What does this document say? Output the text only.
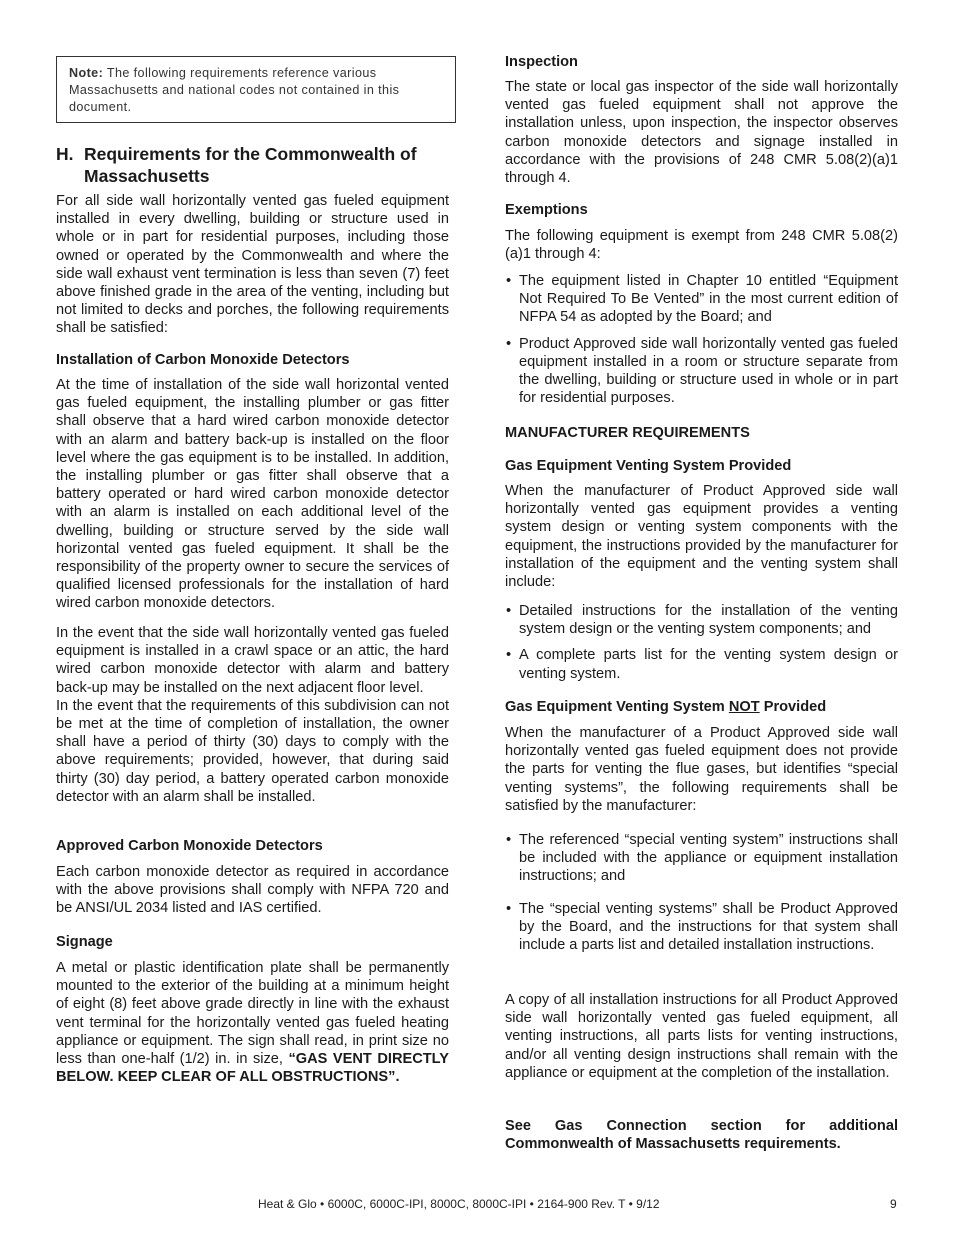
Note: The following requirements reference various Massachusetts and national codes not contained in this document.
H. Requirements for the Commonwealth of Massachusetts

For all side wall horizontally vented gas fueled equipment installed in every dwelling, building or structure used in whole or in part for residential purposes, including those owned or operated by the Commonwealth and where the side wall exhaust vent termination is less than seven (7) feet above finished grade in the area of the venting, including but not limited to decks and porches, the following requirements shall be satisfied:

Installation of Carbon Monoxide Detectors

At the time of installation of the side wall horizontal vented gas fueled equipment, the installing plumber or gas fitter shall observe that a hard wired carbon monoxide detector with an alarm and battery back-up is installed on the floor level where the gas equipment is to be installed. In addition, the installing plumber or gas fitter shall observe that a battery operated or hard wired carbon monoxide detector with an alarm is installed on each additional level of the dwelling, building or structure served by the side wall horizontal vented gas fueled equipment. It shall be the responsibility of the property owner to secure the services of qualified licensed professionals for the installation of hard wired carbon monoxide detectors.

In the event that the side wall horizontally vented gas fueled equipment is installed in a crawl space or an attic, the hard wired carbon monoxide detector with alarm and battery back-up may be installed on the next adjacent floor level.

In the event that the requirements of this subdivision can not be met at the time of completion of installation, the owner shall have a period of thirty (30) days to comply with the above requirements; provided, however, that during said thirty (30) day period, a battery operated carbon monoxide detector with an alarm shall be installed.

Approved Carbon Monoxide Detectors

Each carbon monoxide detector as required in accordance with the above provisions shall comply with NFPA 720 and be ANSI/UL 2034 listed and IAS certified.

Signage

A metal or plastic identification plate shall be permanently mounted to the exterior of the building at a minimum height of eight (8) feet above grade directly in line with the exhaust vent terminal for the horizontally vented gas fueled heating appliance or equipment. The sign shall read, in print size no less than one-half (1/2) in. in size, “GAS VENT DIRECTLY BELOW. KEEP CLEAR OF ALL OBSTRUCTIONS”.

Inspection

The state or local gas inspector of the side wall horizontally vented gas fueled equipment shall not approve the installation unless, upon inspection, the inspector observes carbon monoxide detectors and signage installed in accordance with the provisions of 248 CMR 5.08(2)(a)1 through 4.

Exemptions

The following equipment is exempt from 248 CMR 5.08(2)(a)1 through 4:

• The equipment listed in Chapter 10 entitled “Equipment Not Required To Be Vented” in the most current edition of NFPA 54 as adopted by the Board; and
• Product Approved side wall horizontally vented gas fueled equipment installed in a room or structure separate from the dwelling, building or structure used in whole or in part for residential purposes.
MANUFACTURER REQUIREMENTS
Gas Equipment Venting System Provided

When the manufacturer of Product Approved side wall horizontally vented gas equipment provides a venting system design or venting system components with the equipment, the instructions provided by the manufacturer for installation of the equipment and the venting system shall include:

• Detailed instructions for the installation of the venting system design or the venting system components; and
• A complete parts list for the venting system design or venting system.
Gas Equipment Venting System NOT Provided

When the manufacturer of a Product Approved side wall horizontally vented gas fueled equipment does not provide the parts for venting the flue gases, but identifies “special venting systems”, the following requirements shall be satisfied by the manufacturer:

• The referenced “special venting system” instructions shall be included with the appliance or equipment installation instructions; and
• The “special venting systems” shall be Product Approved by the Board, and the instructions for that system shall include a parts list and detailed installation instructions.

A copy of all installation instructions for all Product Approved side wall horizontally vented gas fueled equipment, all venting instructions, all parts lists for venting instructions, and/or all venting design instructions shall remain with the appliance or equipment at the completion of the installation.

See Gas Connection section for additional Commonwealth of Massachusetts requirements.

Heat & Glo • 6000C, 6000C-IPI, 8000C, 8000C-IPI • 2164-900 Rev. T • 9/12	9
